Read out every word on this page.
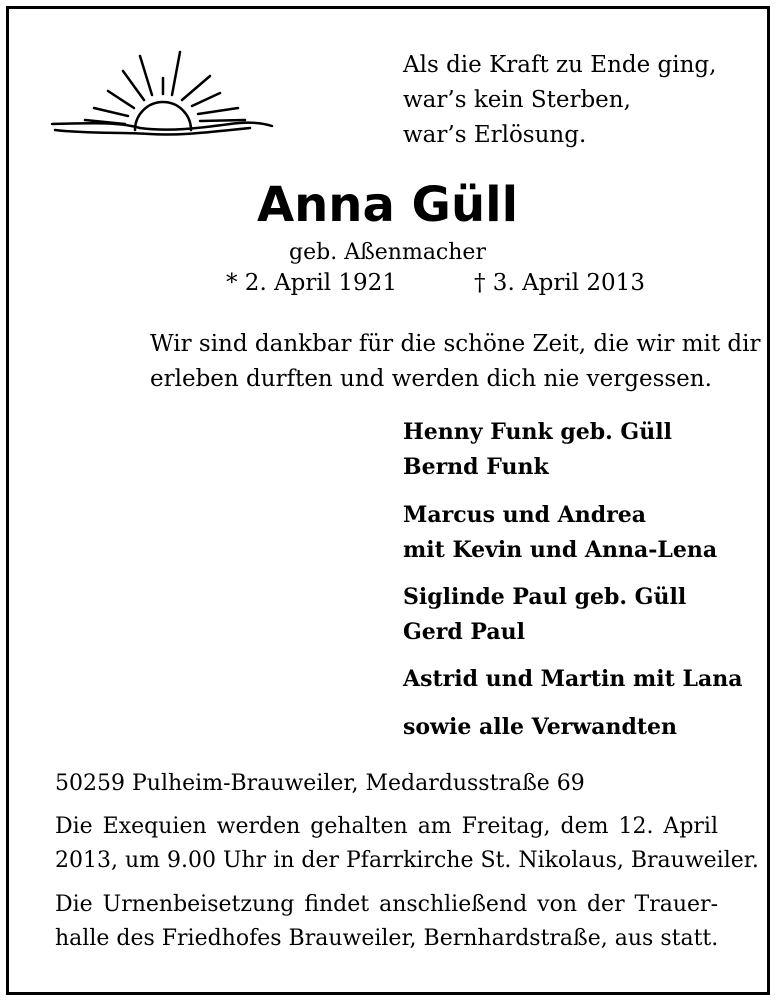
Als die Kraft zu Ende ging,
war’s kein Sterben,
war’s Erlösung.
Anna Güll
geb. Aßenmacher
* 2. April 1921	† 3. April 2013
Wir sind dankbar für die schöne Zeit, die wir mit dir
erleben durften und werden dich nie vergessen.
Henny Funk geb. Güll
Bernd Funk
Marcus und Andrea
mit Kevin und Anna-Lena
Siglinde Paul geb. Güll
Gerd Paul
Astrid und Martin mit Lana
sowie alle Verwandten
50259 Pulheim-Brauweiler, Medardusstraße 69
Die Exequien werden gehalten am Freitag, dem 12. April
2013, um 9.00 Uhr in der Pfarrkirche St. Nikolaus, Brauweiler.
Die Urnenbeisetzung findet anschließend von der Trauer-
halle des Friedhofes Brauweiler, Bernhardstraße, aus statt.
